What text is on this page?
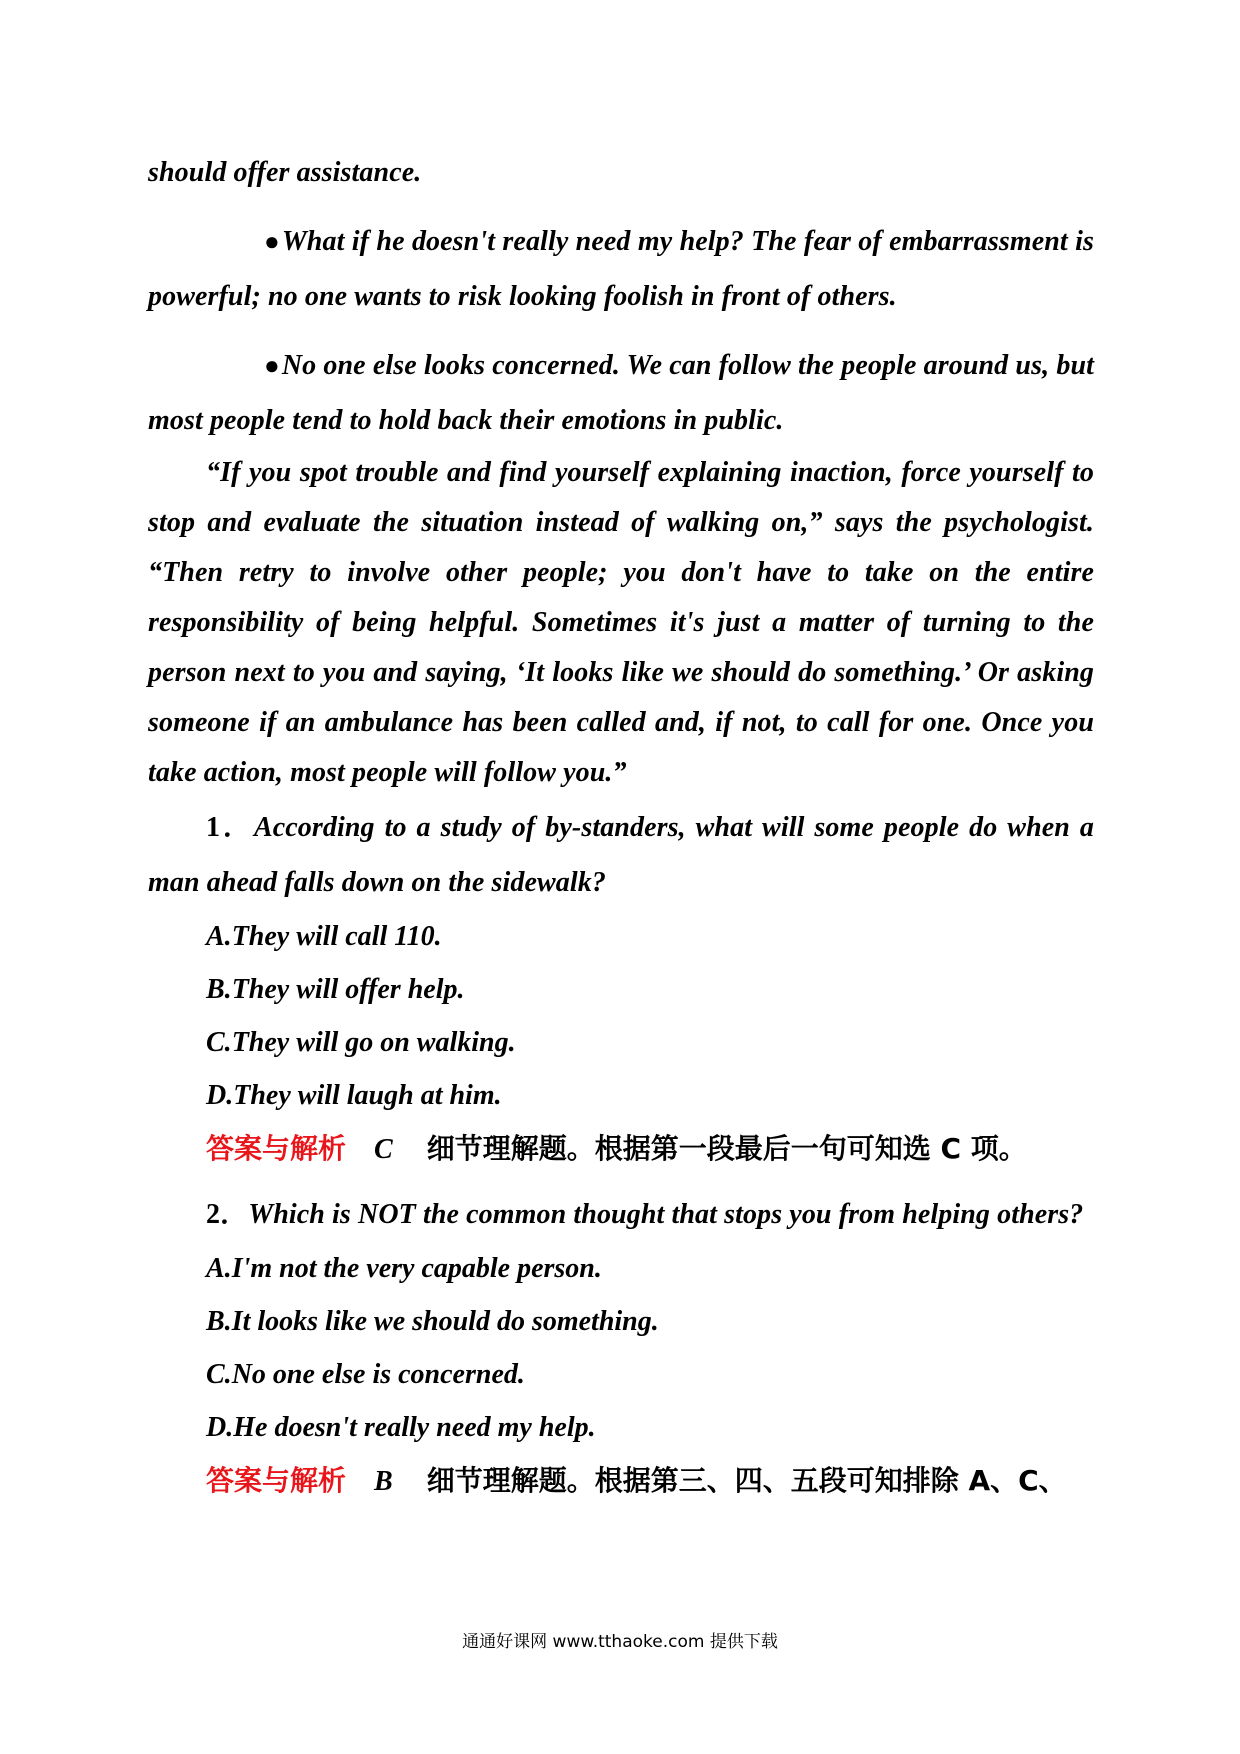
should offer assistance.

●What if he doesn't really need my help? The fear of embarrassment is powerful; no one wants to risk looking foolish in front of others.

●No one else looks concerned. We can follow the people around us, but most people tend to hold back their emotions in public.

“If you spot trouble and find yourself explaining inaction, force yourself to stop and evaluate the situation instead of walking on,” says the psychologist. “Then retry to involve other people; you don't have to take on the entire responsibility of being helpful. Sometimes it's just a matter of turning to the person next to you and saying, ‘It looks like we should do something.’ Or asking someone if an ambulance has been called and, if not, to call for one. Once you take action, most people will follow you.”

1．According to a study of by-standers, what will some people do when a man ahead falls down on the sidewalk?

A.They will call 110.

B.They will offer help.

C.They will go on walking.

D.They will laugh at him.

答案与解析 C 细节理解题。根据第一段最后一句可知选 C 项。

2．Which is NOT the common thought that stops you from helping others?

A.I'm not the very capable person.

B.It looks like we should do something.

C.No one else is concerned.

D.He doesn't really need my help.

答案与解析 B 细节理解题。根据第三、四、五段可知排除 A、C、

通通好课网 www.tthaoke.com 提供下载
